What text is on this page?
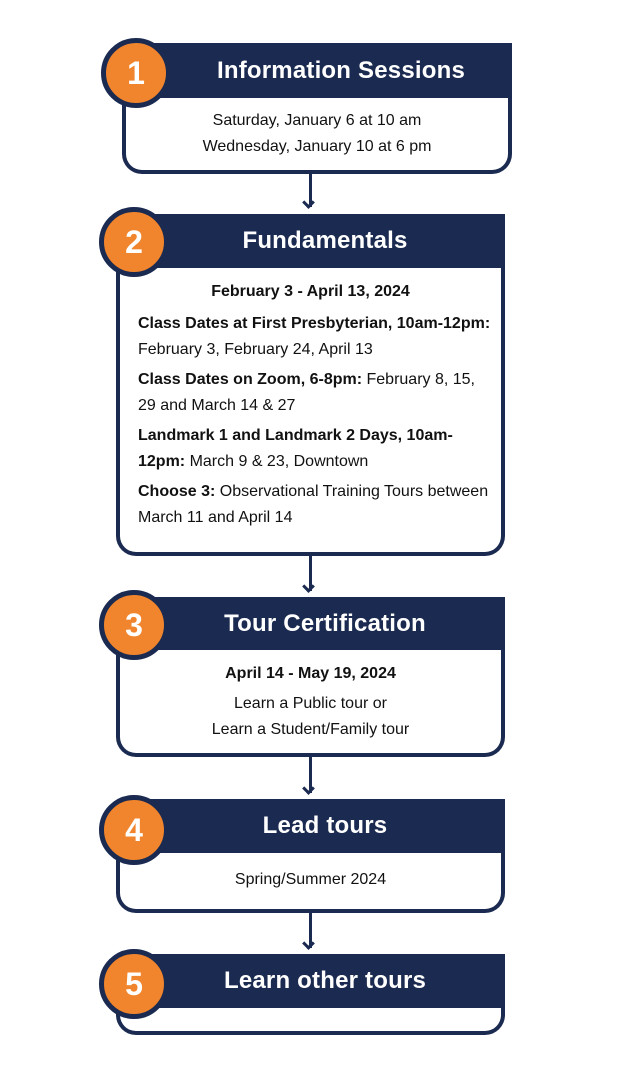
Information Sessions
1
Saturday, January 6 at 10 am
Wednesday, January 10 at 6 pm
Fundamentals
2
February 3 - April 13, 2024
Class Dates at First Presbyterian, 10am-12pm: February 3, February 24, April 13
Class Dates on Zoom, 6-8pm: February 8, 15, 29 and March 14 & 27
Landmark 1 and Landmark 2 Days, 10am-12pm: March 9 & 23, Downtown
Choose 3: Observational Training Tours between March 11 and April 14
Tour Certification
3
April 14 - May 19, 2024
Learn a Public tour or
Learn a Student/Family tour
Lead tours
4
Spring/Summer 2024
Learn other tours
5
